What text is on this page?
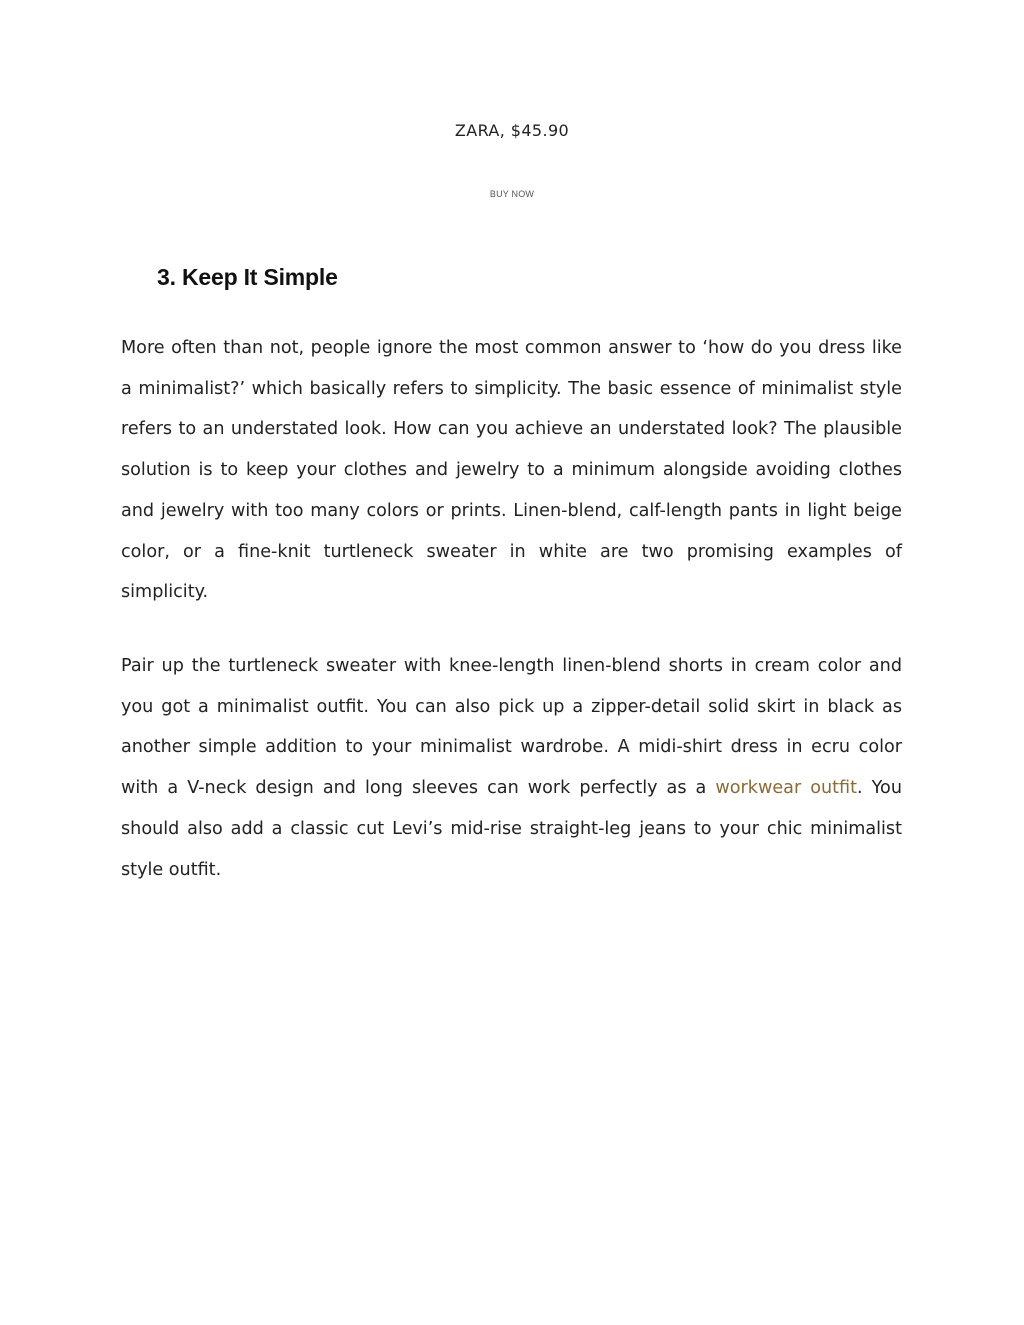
ZARA, $45.90

BUY NOW
3. Keep It Simple

More often than not, people ignore the most common answer to ‘how do you dress like a minimalist?’ which basically refers to simplicity. The basic essence of minimalist style refers to an understated look. How can you achieve an understated look? The plausible solution is to keep your clothes and jewelry to a minimum alongside avoiding clothes and jewelry with too many colors or prints. Linen-blend, calf-length pants in light beige color, or a fine-knit turtleneck sweater in white are two promising examples of simplicity.

Pair up the turtleneck sweater with knee-length linen-blend shorts in cream color and you got a minimalist outfit. You can also pick up a zipper-detail solid skirt in black as another simple addition to your minimalist wardrobe. A midi-shirt dress in ecru color with a V-neck design and long sleeves can work perfectly as a workwear outfit. You should also add a classic cut Levi’s mid-rise straight-leg jeans to your chic minimalist style outfit.
